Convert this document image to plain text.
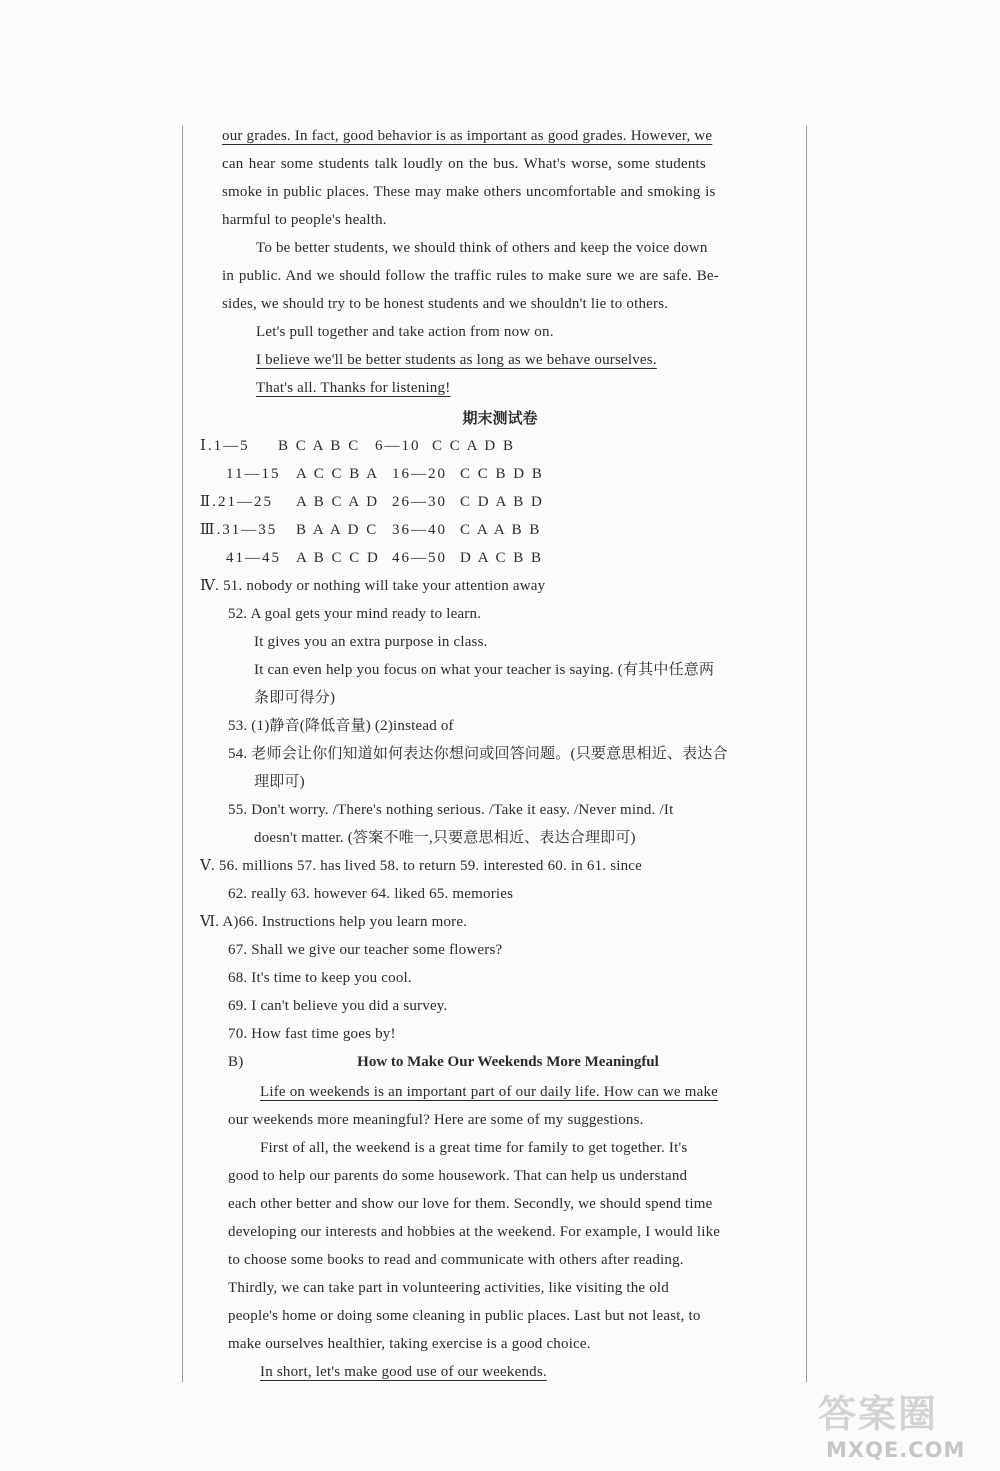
our grades. In fact, good behavior is as important as good grades. However, we
can hear some students talk loudly on the bus. What's worse, some students
smoke in public places. These may make others uncomfortable and smoking is
harmful to people's health.
To be better students, we should think of others and keep the voice down
in public. And we should follow the traffic rules to make sure we are safe. Be-
sides, we should try to be honest students and we shouldn't lie to others.
Let's pull together and take action from now on.
I believe we'll be better students as long as we behave ourselves.
That's all. Thanks for listening!
期末测试卷
Ⅰ.1—5 B C A B C 6—10 C C A D B
11—15 A C C B A 16—20 C C B D B
Ⅱ.21—25 A B C A D 26—30 C D A B D
Ⅲ.31—35 B A A D C 36—40 C A A B B
41—45 A B C C D 46—50 D A C B B
Ⅳ. 51. nobody or nothing will take your attention away
52. A goal gets your mind ready to learn.
It gives you an extra purpose in class.
It can even help you focus on what your teacher is saying. (有其中任意两
条即可得分)
53. (1)静音(降低音量) (2)instead of
54. 老师会让你们知道如何表达你想问或回答问题。(只要意思相近、表达合
理即可)
55. Don't worry. /There's nothing serious. /Take it easy. /Never mind. /It
doesn't matter. (答案不唯一,只要意思相近、表达合理即可)
Ⅴ. 56. millions 57. has lived 58. to return 59. interested 60. in 61. since
62. really 63. however 64. liked 65. memories
Ⅵ. A)66. Instructions help you learn more.
67. Shall we give our teacher some flowers?
68. It's time to keep you cool.
69. I can't believe you did a survey.
70. How fast time goes by!
B)	How to Make Our Weekends More Meaningful
Life on weekends is an important part of our daily life. How can we make
our weekends more meaningful? Here are some of my suggestions.
First of all, the weekend is a great time for family to get together. It's
good to help our parents do some housework. That can help us understand
each other better and show our love for them. Secondly, we should spend time
developing our interests and hobbies at the weekend. For example, I would like
to choose some books to read and communicate with others after reading.
Thirdly, we can take part in volunteering activities, like visiting the old
people's home or doing some cleaning in public places. Last but not least, to
make ourselves healthier, taking exercise is a good choice.
In short, let's make good use of our weekends.
答案圈
MXQE.COM
